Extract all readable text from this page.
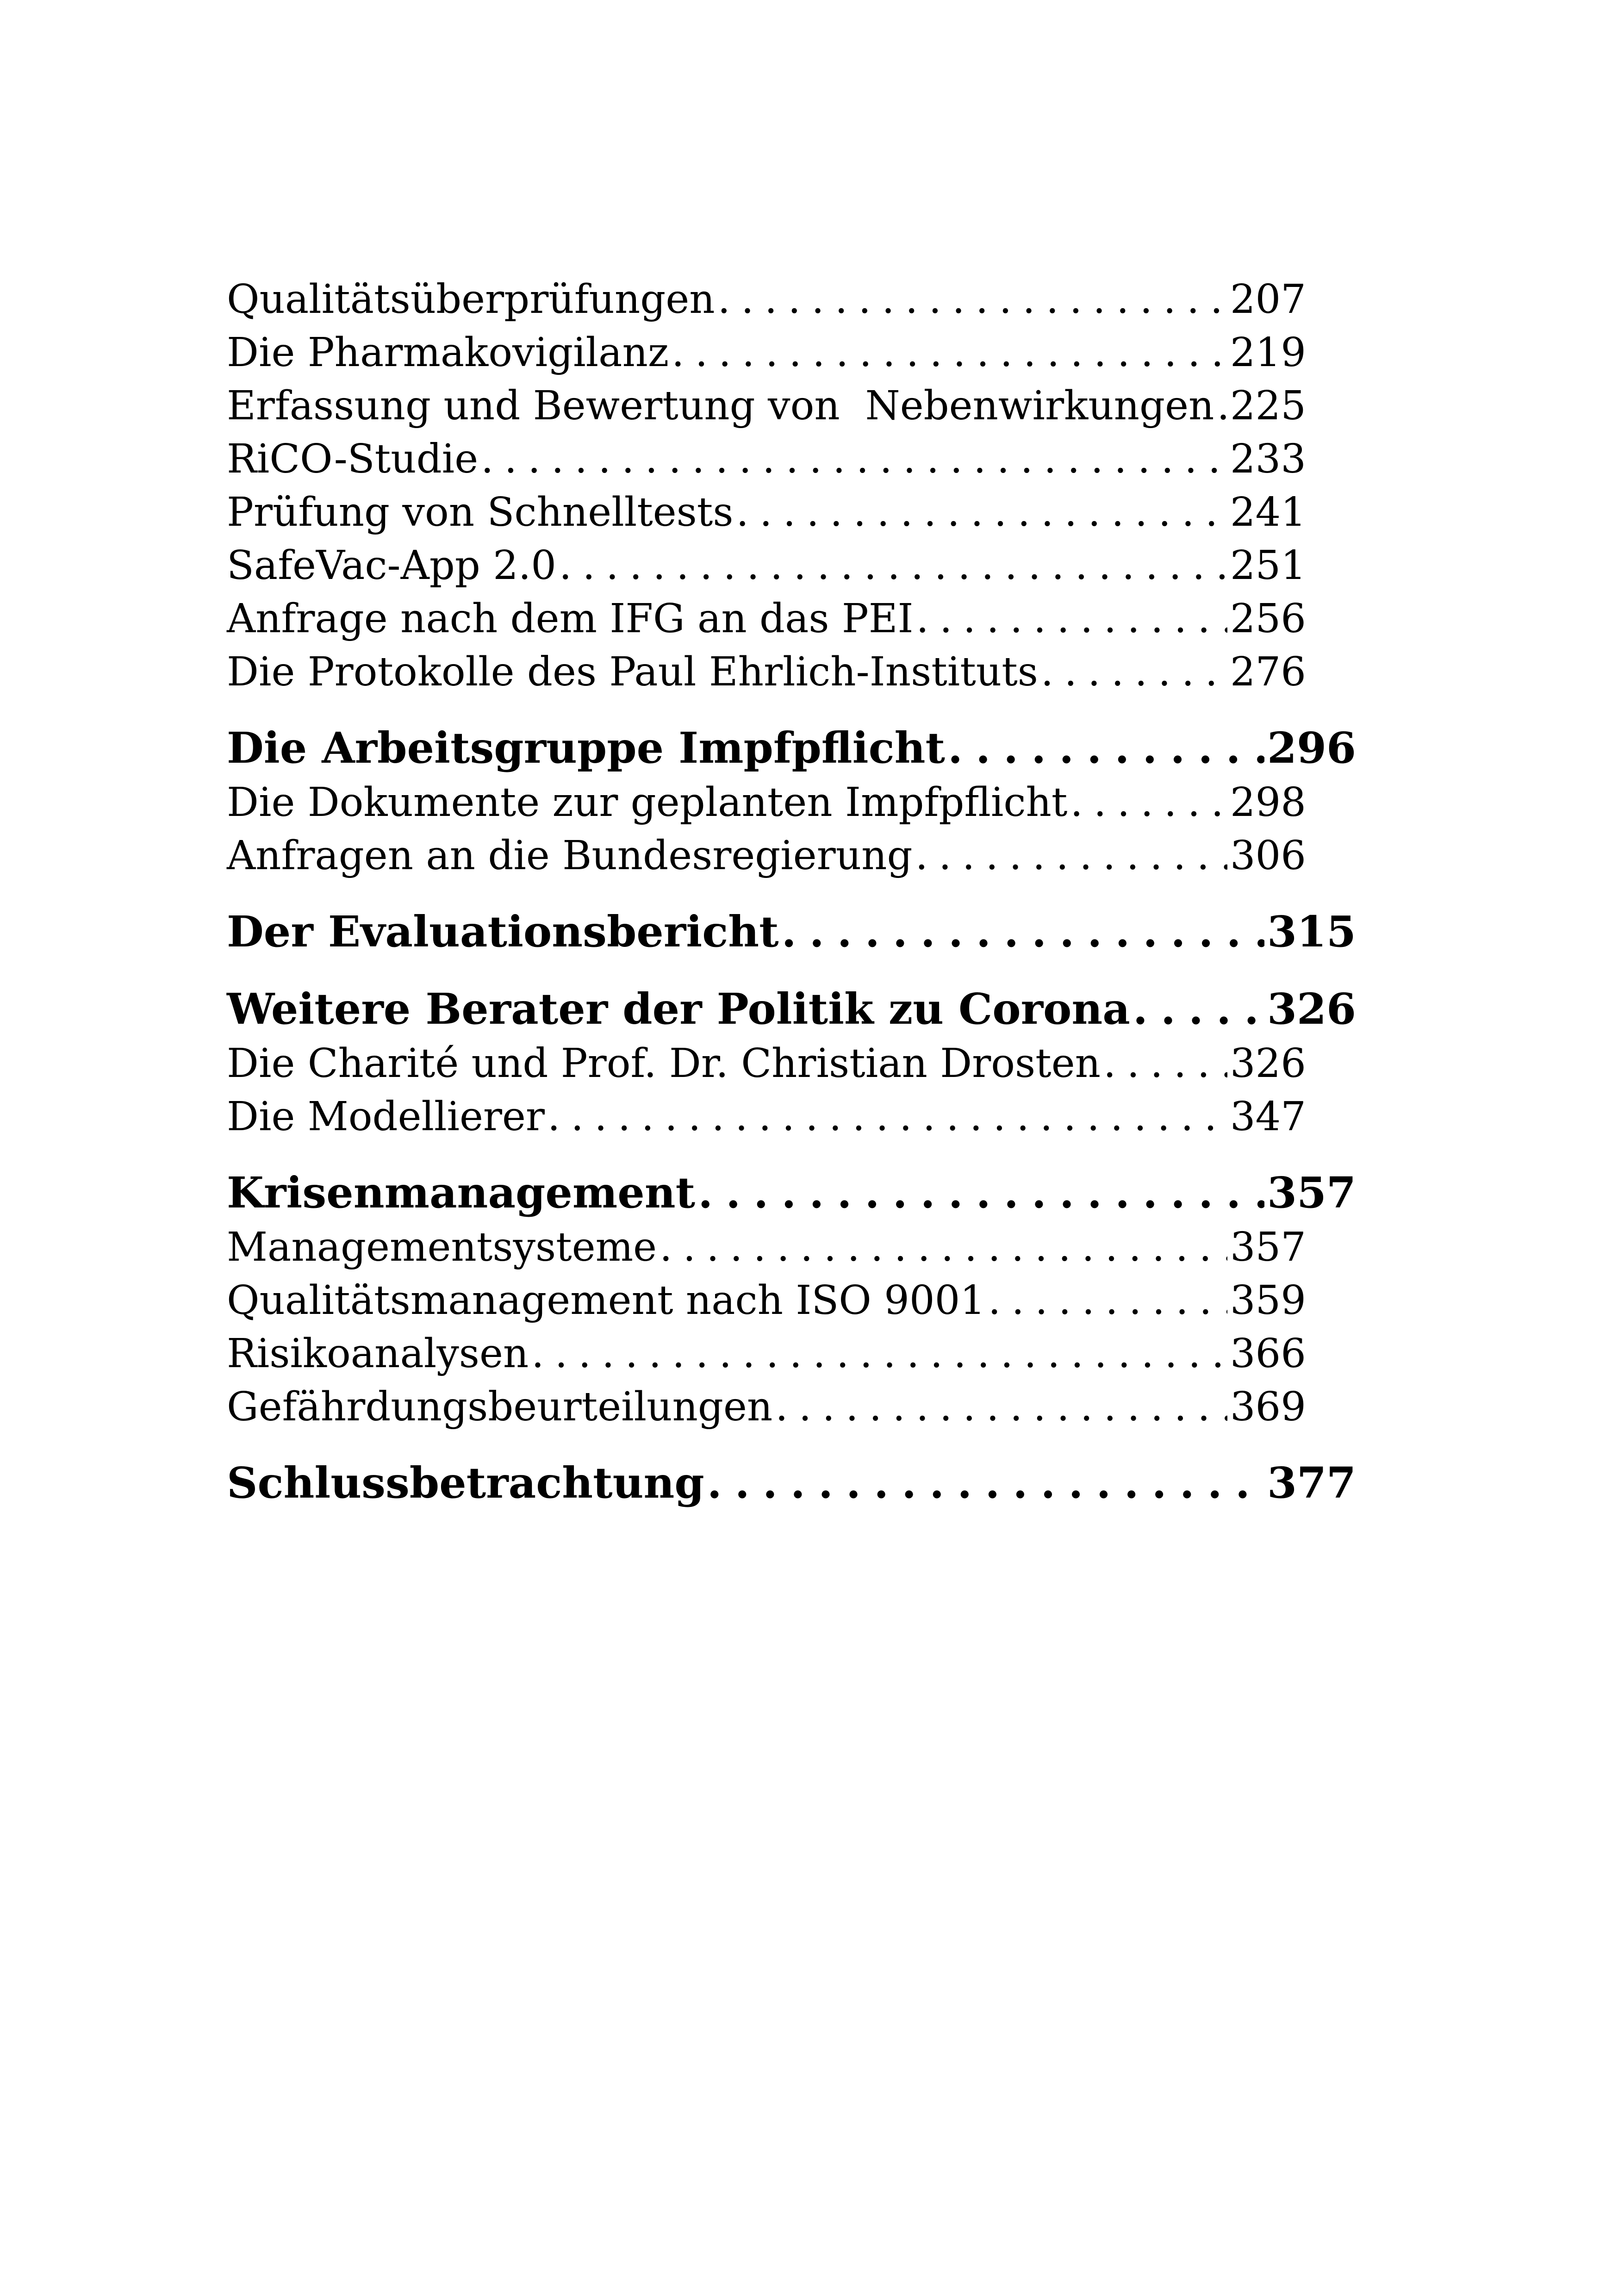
Qualitätsüberprüfungen . . .	207
Die Pharmakovigilanz . . .	219
Erfassung und Bewertung von  Nebenwirkungen . . . 225
RiCO-Studie . . .	233
Prüfung von Schnelltests . . .	241
SafeVac-App 2.0 . . .	251
Anfrage nach dem IFG an das PEI . . .	256
Die Protokolle des Paul Ehrlich-Instituts . . .	276
Die Arbeitsgruppe Impfpflicht . . .	296
Die Dokumente zur geplanten Impfpflicht . . .	298
Anfragen an die Bundesregierung . . .	306
Der Evaluationsbericht . . .	315
Weitere Berater der Politik zu Corona . . .	326
Die Charité und Prof. Dr. Christian Drosten . . .	326
Die Modellierer . . .	347
Krisenmanagement . . .	357
Managementsysteme . . .	357
Qualitätsmanagement nach ISO 9001 . . .	359
Risikoanalysen . . .	366
Gefährdungsbeurteilungen . . .	369
Schlussbetrachtung . . .	377
